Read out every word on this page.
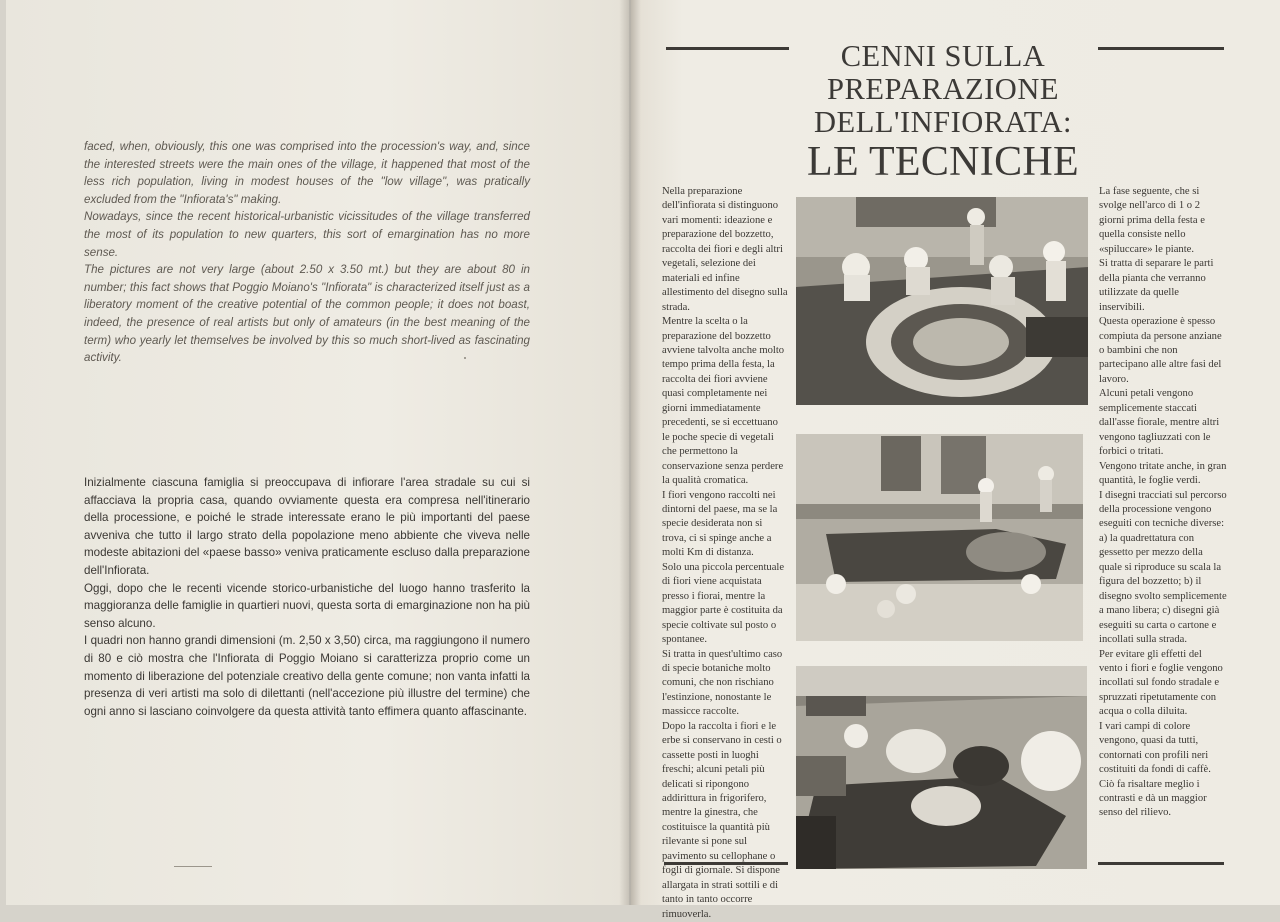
faced, when, obviously, this one was comprised into the procession's way, and, since the interested streets were the main ones of the village, it happened that most of the less rich population, living in modest houses of the "low village", was pratically excluded from the "Infiorata's" making.

Nowadays, since the recent historical-urbanistic vicissitudes of the village transferred the most of its population to new quarters, this sort of emargination has no more sense.

The pictures are not very large (about 2.50 x 3.50 mt.) but they are about 80 in number; this fact shows that Poggio Moiano's "Infiorata" is characterized itself just as a liberatory moment of the creative potential of the common people; it does not boast, indeed, the presence of real artists but only of amateurs (in the best meaning of the term) who yearly let themselves be involved by this so much short-lived as fascinating activity.

Inizialmente ciascuna famiglia si preoccupava di infiorare l'area stradale su cui si affacciava la propria casa, quando ovviamente questa era compresa nell'itinerario della processione, e poiché le strade interessate erano le più importanti del paese avveniva che tutto il largo strato della popolazione meno abbiente che viveva nelle modeste abitazioni del «paese basso» veniva praticamente escluso dalla preparazione dell'Infiorata.

Oggi, dopo che le recenti vicende storico-urbanistiche del luogo hanno trasferito la maggioranza delle famiglie in quartieri nuovi, questa sorta di emarginazione non ha più senso alcuno.

I quadri non hanno grandi dimensioni (m. 2,50 x 3,50) circa, ma raggiungono il numero di 80 e ciò mostra che l'Infiorata di Poggio Moiano si caratterizza proprio come un momento di liberazione del potenziale creativo della gente comune; non vanta infatti la presenza di veri artisti ma solo di dilettanti (nell'accezione più illustre del termine) che ogni anno si lasciano coinvolgere da questa attività tanto effimera quanto affascinante.

CENNI SULLA
PREPARAZIONE
DELL'INFIORATA:
LE TECNICHE

Nella preparazione dell'infiorata si distinguono vari momenti: ideazione e preparazione del bozzetto, raccolta dei fiori e degli altri vegetali, selezione dei materiali ed infine allestimento del disegno sulla strada.

Mentre la scelta o la preparazione del bozzetto avviene talvolta anche molto tempo prima della festa, la raccolta dei fiori avviene quasi completamente nei giorni immediatamente precedenti, se si eccettuano le poche specie di vegetali che permettono la conservazione senza perdere la qualità cromatica.

I fiori vengono raccolti nei dintorni del paese, ma se la specie desiderata non si trova, ci si spinge anche a molti Km di distanza.

Solo una piccola percentuale di fiori viene acquistata presso i fiorai, mentre la maggior parte è costituita da specie coltivate sul posto o spontanee.

Si tratta in quest'ultimo caso di specie botaniche molto comuni, che non rischiano l'estinzione, nonostante le massicce raccolte.

Dopo la raccolta i fiori e le erbe si conservano in cesti o cassette posti in luoghi freschi; alcuni petali più delicati si ripongono addirittura in frigorifero, mentre la ginestra, che costituisce la quantità più rilevante si pone sul pavimento su cellophane o fogli di giornale. Si dispone allargata in strati sottili e di tanto in tanto occorre rimuoverla.

La fase seguente, che si svolge nell'arco di 1 o 2 giorni prima della festa e quella consiste nello «spiluccare» le piante.

Si tratta di separare le parti della pianta che verranno utilizzate da quelle inservibili.

Questa operazione è spesso compiuta da persone anziane o bambini che non partecipano alle altre fasi del lavoro.

Alcuni petali vengono semplicemente staccati dall'asse fiorale, mentre altri vengono tagliuzzati con le forbici o tritati.

Vengono tritate anche, in gran quantità, le foglie verdi.

I disegni tracciati sul percorso della processione vengono eseguiti con tecniche diverse: a) la quadrettatura con gessetto per mezzo della quale si riproduce su scala la figura del bozzetto; b) il disegno svolto semplicemente a mano libera; c) disegni già eseguiti su carta o cartone e incollati sulla strada.

Per evitare gli effetti del vento i fiori e foglie vengono incollati sul fondo stradale e spruzzati ripetutamente con acqua o colla diluita.

I vari campi di colore vengono, quasi da tutti, contornati con profili neri costituiti da fondi di caffè. Ciò fa risaltare meglio i contrasti e dà un maggior senso del rilievo.
